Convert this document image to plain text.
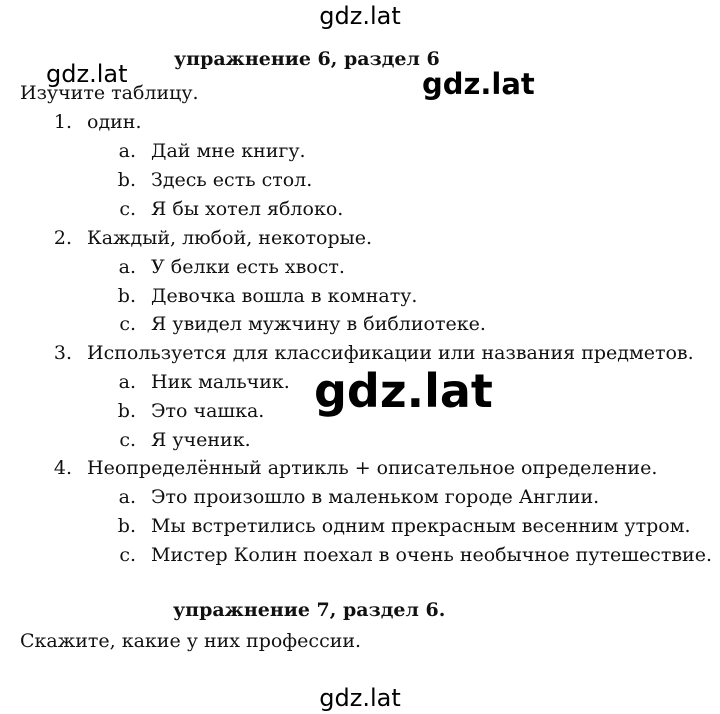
gdz.lat
gdz.lat	gdz.lat
gdz.lat
gdz.lat
упражнение 6, раздел 6
Изучите таблицу.
1. один.
a. Дай мне книгу.
b. Здесь есть стол.
c. Я бы хотел яблоко.
2. Каждый, любой, некоторые.
a. У белки есть хвост.
b. Девочка вошла в комнату.
c. Я увидел мужчину в библиотеке.
3. Используется для классификации или названия предметов.
a. Ник мальчик.
b. Это чашка.
c. Я ученик.
4. Неопределённый артикль + описательное определение.
a. Это произошло в маленьком городе Англии.
b. Мы встретились одним прекрасным весенним утром.
c. Мистер Колин поехал в очень необычное путешествие.
упражнение 7, раздел 6.
Скажите, какие у них профессии.
